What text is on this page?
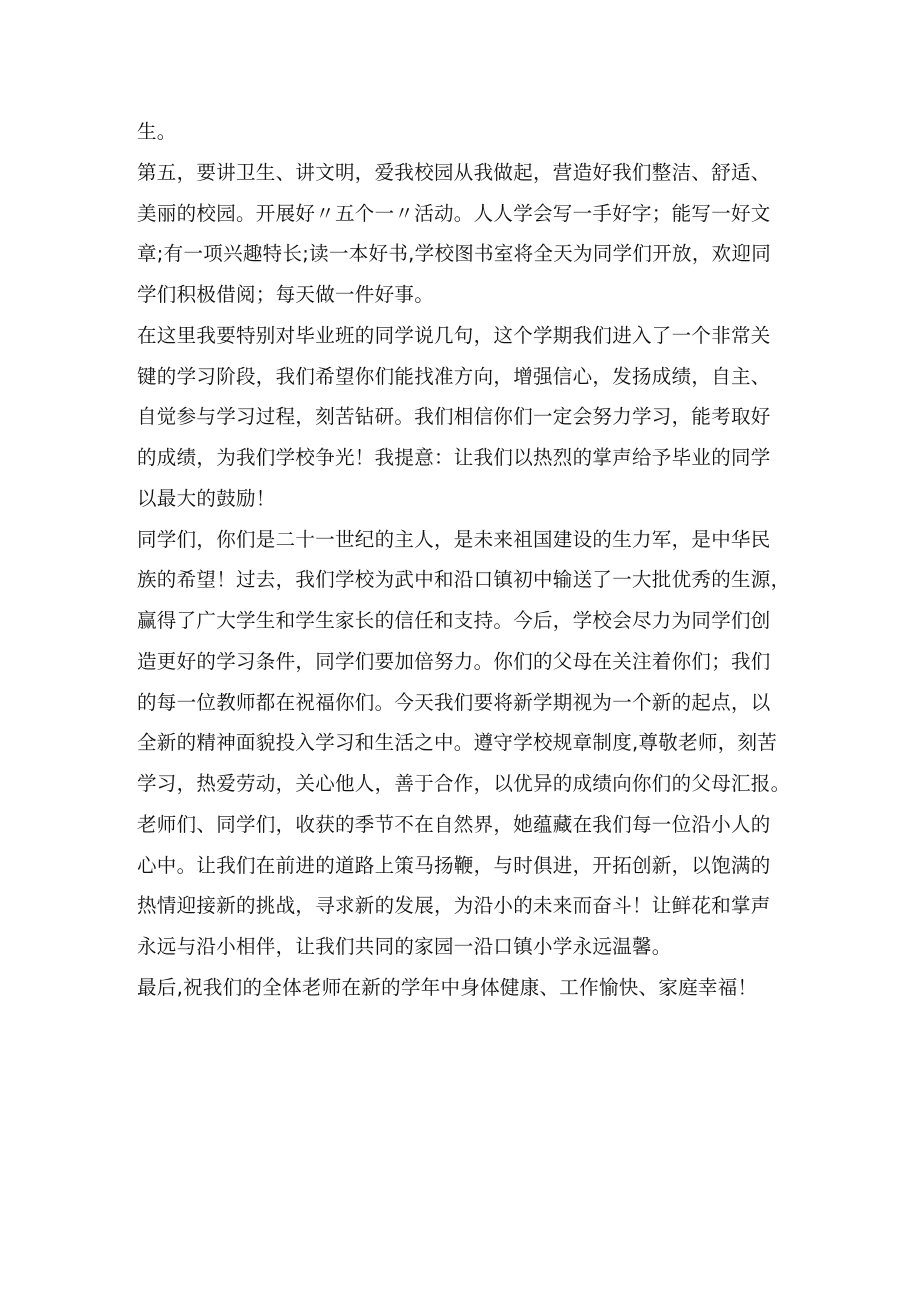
生。
第五，要讲卫生、讲文明，爱我校园从我做起，营造好我们整洁、舒适、
美丽的校园。开展好〃五个一〃活动。人人学会写一手好字；能写一好文
章;有一项兴趣特长;读一本好书,学校图书室将全天为同学们开放，欢迎同
学们积极借阅；每天做一件好事。
在这里我要特别对毕业班的同学说几句，这个学期我们进入了一个非常关
键的学习阶段，我们希望你们能找准方向，增强信心，发扬成绩，自主、
自觉参与学习过程，刻苦钻研。我们相信你们一定会努力学习，能考取好
的成绩，为我们学校争光！我提意：让我们以热烈的掌声给予毕业的同学
以最大的鼓励！
同学们，你们是二十一世纪的主人，是未来祖国建设的生力军，是中华民
族的希望！过去，我们学校为武中和沿口镇初中输送了一大批优秀的生源，
赢得了广大学生和学生家长的信任和支持。今后，学校会尽力为同学们创
造更好的学习条件，同学们要加倍努力。你们的父母在关注着你们；我们
的每一位教师都在祝福你们。今天我们要将新学期视为一个新的起点，以
全新的精神面貌投入学习和生活之中。遵守学校规章制度,尊敬老师，刻苦
学习，热爱劳动，关心他人，善于合作，以优异的成绩向你们的父母汇报。
老师们、同学们，收获的季节不在自然界，她蕴藏在我们每一位沿小人的
心中。让我们在前进的道路上策马扬鞭，与时俱进，开拓创新，以饱满的
热情迎接新的挑战，寻求新的发展，为沿小的未来而奋斗！让鲜花和掌声
永远与沿小相伴，让我们共同的家园一沿口镇小学永远温馨。
最后,祝我们的全体老师在新的学年中身体健康、工作愉快、家庭幸福！
